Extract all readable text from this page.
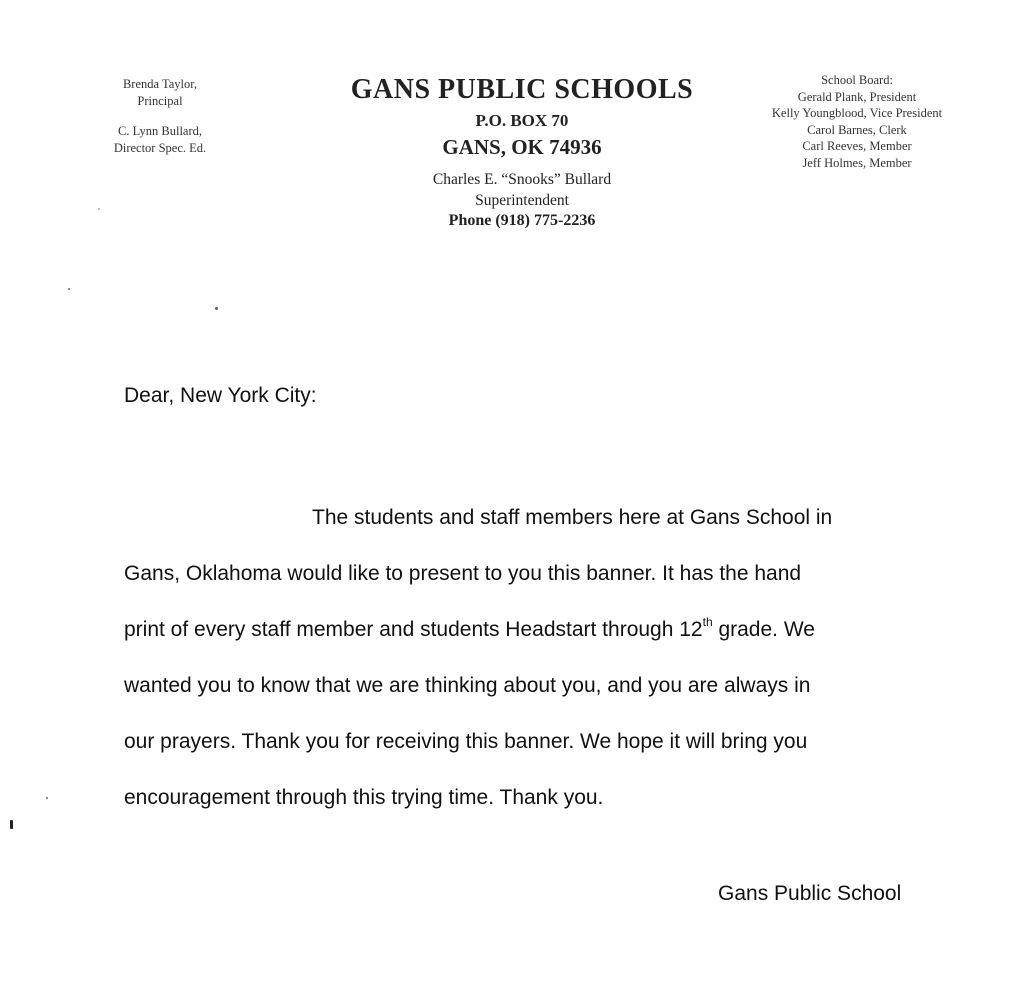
Brenda Taylor,
Principal
C. Lynn Bullard,
Director Spec. Ed.
GANS PUBLIC SCHOOLS
P.O. BOX 70
GANS, OK 74936
Charles E. “Snooks” Bullard
Superintendent
Phone (918) 775-2236
School Board:
Gerald Plank, President
Kelly Youngblood, Vice President
Carol Barnes, Clerk
Carl Reeves, Member
Jeff Holmes, Member
Dear, New York City:
The students and staff members here at Gans School in
Gans, Oklahoma would like to present to you this banner. It has the hand
print of every staff member and students Headstart through 12th grade. We
wanted you to know that we are thinking about you, and you are always in
our prayers. Thank you for receiving this banner. We hope it will bring you
encouragement through this trying time. Thank you.
Gans Public School
